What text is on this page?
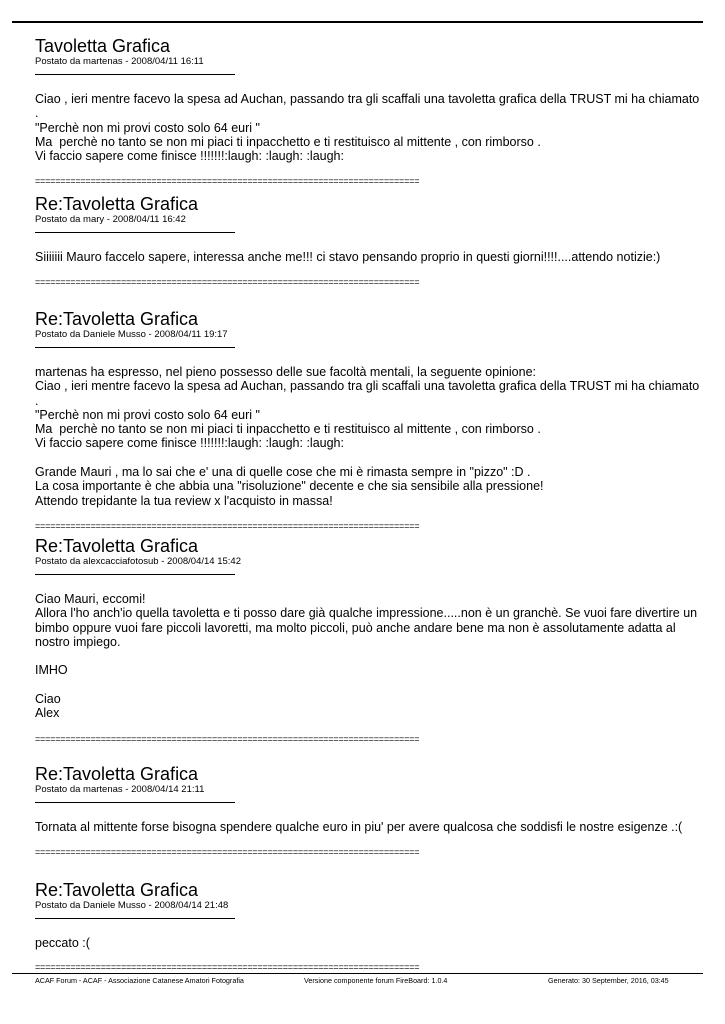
Tavoletta Grafica
Postato da martenas - 2008/04/11 16:11
Ciao , ieri mentre facevo la spesa ad Auchan, passando tra gli scaffali una tavoletta grafica della TRUST mi ha chiamato .
"Perchè non mi provi costo solo 64 euri "
Ma  perchè no tanto se non mi piaci ti inpacchetto e ti restituisco al mittente , con rimborso .
Vi faccio sapere come finisce !!!!!!!:laugh: :laugh: :laugh:
============================================================================
Re:Tavoletta Grafica
Postato da mary - 2008/04/11 16:42
Siiiiiii Mauro faccelo sapere, interessa anche me!!! ci stavo pensando proprio in questi giorni!!!!....attendo notizie:)
============================================================================
Re:Tavoletta Grafica
Postato da Daniele Musso - 2008/04/11 19:17
martenas ha espresso, nel pieno possesso delle sue facoltà mentali, la seguente opinione:
Ciao , ieri mentre facevo la spesa ad Auchan, passando tra gli scaffali una tavoletta grafica della TRUST mi ha chiamato .
"Perchè non mi provi costo solo 64 euri "
Ma  perchè no tanto se non mi piaci ti inpacchetto e ti restituisco al mittente , con rimborso .
Vi faccio sapere come finisce !!!!!!!:laugh: :laugh: :laugh:

Grande Mauri , ma lo sai che e' una di quelle cose che mi è rimasta sempre in "pizzo" :D .
La cosa importante è che abbia una "risoluzione" decente e che sia sensibile alla pressione!
Attendo trepidante la tua review x l'acquisto in massa!
============================================================================
Re:Tavoletta Grafica
Postato da alexcacciafotosub - 2008/04/14 15:42
Ciao Mauri, eccomi!
Allora l'ho anch'io quella tavoletta e ti posso dare già qualche impressione.....non è un granchè. Se vuoi fare divertire un
bimbo oppure vuoi fare piccoli lavoretti, ma molto piccoli, può anche andare bene ma non è assolutamente adatta al
nostro impiego.

IMHO

Ciao
Alex
============================================================================
Re:Tavoletta Grafica
Postato da martenas - 2008/04/14 21:11
Tornata al mittente forse bisogna spendere qualche euro in piu' per avere qualcosa che soddisfi le nostre esigenze .:(
============================================================================
Re:Tavoletta Grafica
Postato da Daniele Musso - 2008/04/14 21:48
peccato :(
============================================================================
ACAF Forum - ACAF - Associazione Catanese Amatori Fotografia	Versione componente forum FireBoard: 1.0.4	Generato: 30 September, 2016, 03:45
